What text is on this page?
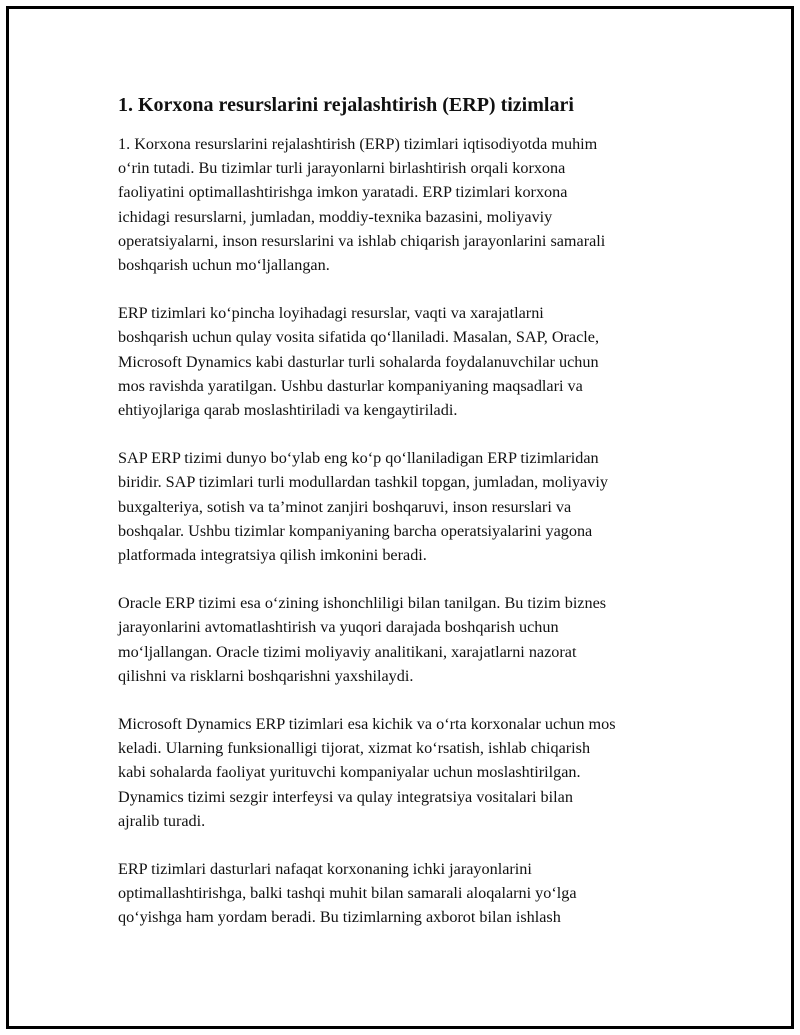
1. Korxona resurslarini rejalashtirish (ERP) tizimlari
1. Korxona resurslarini rejalashtirish (ERP) tizimlari iqtisodiyotda muhim
o‘rin tutadi. Bu tizimlar turli jarayonlarni birlashtirish orqali korxona
faoliyatini optimallashtirishga imkon yaratadi. ERP tizimlari korxona
ichidagi resurslarni, jumladan, moddiy-texnika bazasini, moliyaviy
operatsiyalarni, inson resurslarini va ishlab chiqarish jarayonlarini samarali
boshqarish uchun mo‘ljallangan.
ERP tizimlari ko‘pincha loyihadagi resurslar, vaqti va xarajatlarni
boshqarish uchun qulay vosita sifatida qo‘llaniladi. Masalan, SAP, Oracle,
Microsoft Dynamics kabi dasturlar turli sohalarda foydalanuvchilar uchun
mos ravishda yaratilgan. Ushbu dasturlar kompaniyaning maqsadlari va
ehtiyojlariga qarab moslashtiriladi va kengaytiriladi.
SAP ERP tizimi dunyo bo‘ylab eng ko‘p qo‘llaniladigan ERP tizimlaridan
biridir. SAP tizimlari turli modullardan tashkil topgan, jumladan, moliyaviy
buxgalteriya, sotish va ta’minot zanjiri boshqaruvi, inson resurslari va
boshqalar. Ushbu tizimlar kompaniyaning barcha operatsiyalarini yagona
platformada integratsiya qilish imkonini beradi.
Oracle ERP tizimi esa o‘zining ishonchliligi bilan tanilgan. Bu tizim biznes
jarayonlarini avtomatlashtirish va yuqori darajada boshqarish uchun
mo‘ljallangan. Oracle tizimi moliyaviy analitikani, xarajatlarni nazorat
qilishni va risklarni boshqarishni yaxshilaydi.
Microsoft Dynamics ERP tizimlari esa kichik va o‘rta korxonalar uchun mos
keladi. Ularning funksionalligi tijorat, xizmat ko‘rsatish, ishlab chiqarish
kabi sohalarda faoliyat yurituvchi kompaniyalar uchun moslashtirilgan.
Dynamics tizimi sezgir interfeysi va qulay integratsiya vositalari bilan
ajralib turadi.
ERP tizimlari dasturlari nafaqat korxonaning ichki jarayonlarini
optimallashtirishga, balki tashqi muhit bilan samarali aloqalarni yo‘lga
qo‘yishga ham yordam beradi. Bu tizimlarning axborot bilan ishlash
